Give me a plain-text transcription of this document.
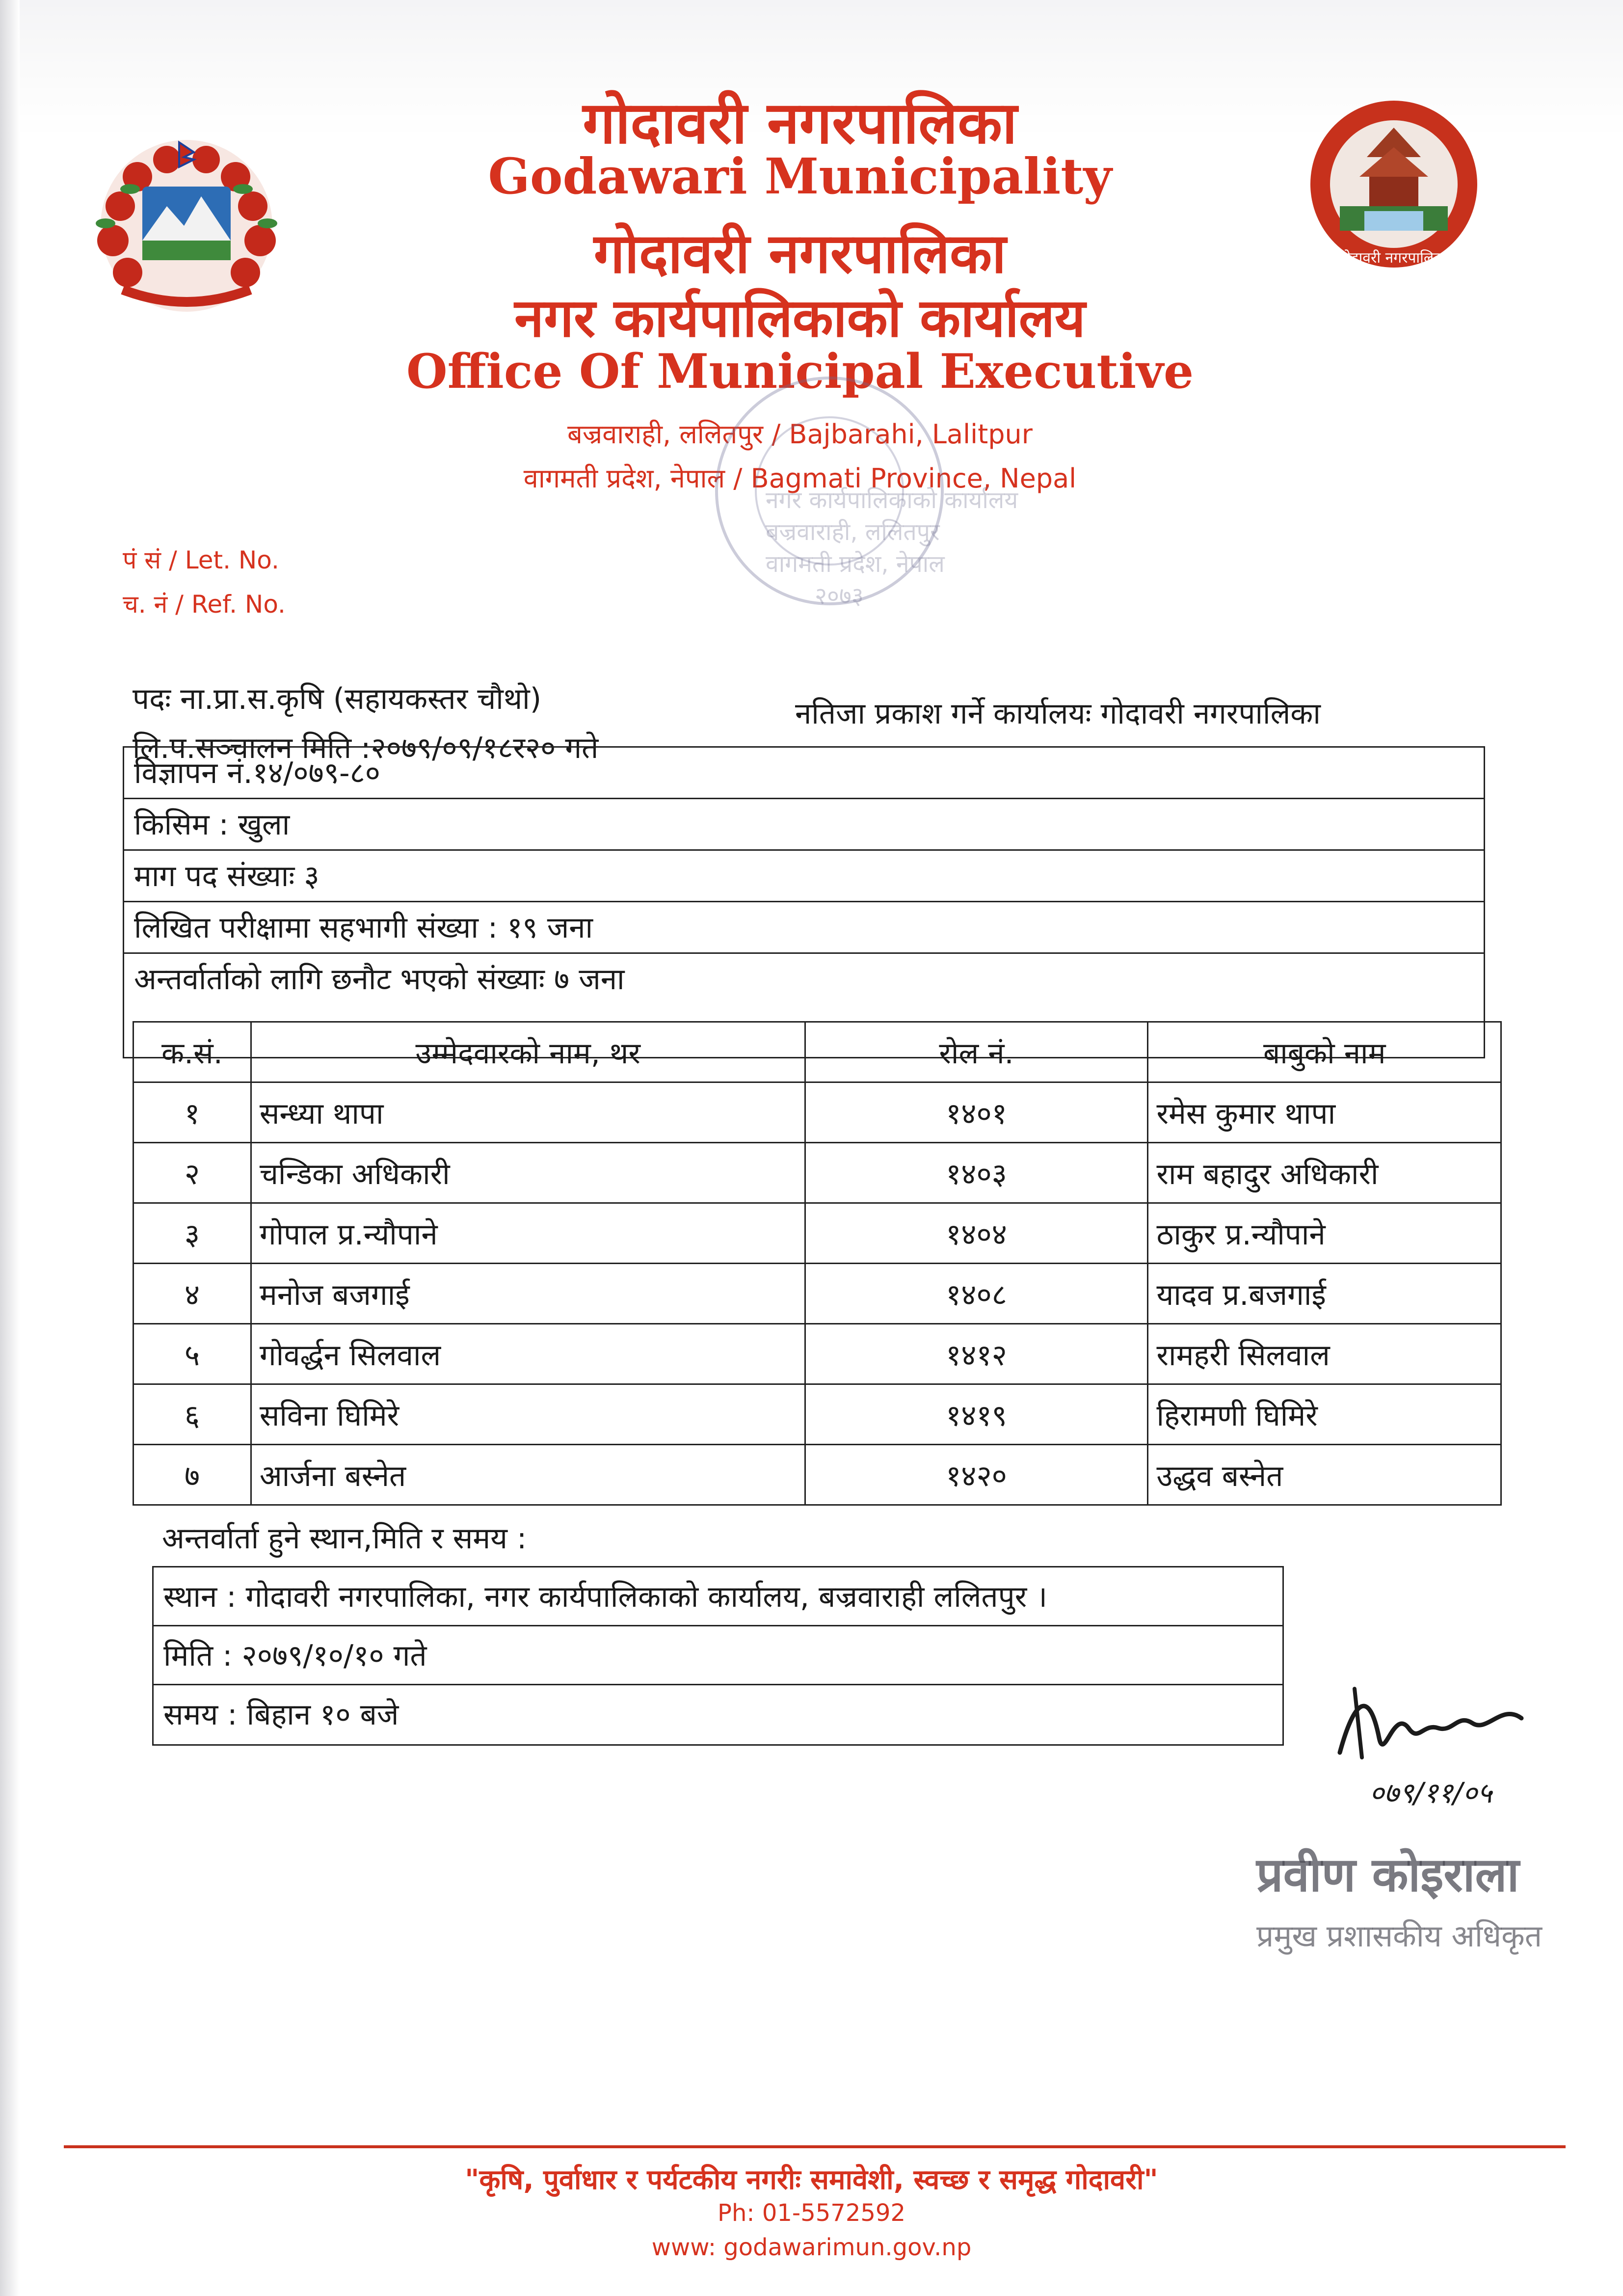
गोदावरी नगरपालिका
गोदावरी नगरपालिका
Godawari Municipality
गोदावरी नगरपालिका
नगर कार्यपालिकाको कार्यालय
Office Of Municipal Executive
बज्रवाराही, ललितपुर / Bajbarahi, Lalitpur
वागमती प्रदेश, नेपाल / Bagmati Province, Nepal
नगर कार्यपालिकाको कार्यालय
बज्रवाराही, ललितपुर
वागमती प्रदेश, नेपाल
२०७३
पं सं / Let. No.
च. नं / Ref. No.
पदः ना.प्रा.स.कृषि (सहायकस्तर चौथो)
लि.प.सञ्चालन मिति :२०७९/०९/१८र२० गते
नतिजा प्रकाश गर्ने कार्यालयः गोदावरी नगरपालिका
विज्ञापन नं.१४/०७९-८०
किसिम : खुला
माग पद संख्याः ३
लिखित परीक्षामा सहभागी संख्या : १९ जना
अन्तर्वार्ताको लागि छनौट भएको संख्याः ७ जना
क.सं.	उम्मेदवारको नाम, थर	रोल नं.	बाबुको नाम
१	सन्ध्या थापा	१४०१	रमेस कुमार थापा
२	चन्डिका अधिकारी	१४०३	राम बहादुर अधिकारी
३	गोपाल प्र.न्यौपाने	१४०४	ठाकुर प्र.न्यौपाने
४	मनोज बजगाई	१४०८	यादव प्र.बजगाई
५	गोवर्द्धन सिलवाल	१४१२	रामहरी सिलवाल
६	सविना घिमिरे	१४१९	हिरामणी घिमिरे
७	आर्जना बस्नेत	१४२०	उद्धव बस्नेत
अन्तर्वार्ता हुने स्थान,मिति र समय :
स्थान : गोदावरी नगरपालिका, नगर कार्यपालिकाको कार्यालय, बज्रवाराही ललितपुर ।
मिति : २०७९/१०/१० गते
समय : बिहान १० बजे
०७९/११/०५
प्रवीण कोइराला
प्रमुख प्रशासकीय अधिकृत
"कृषि, पुर्वाधार र पर्यटकीय नगरीः समावेशी, स्वच्छ र समृद्ध गोदावरी"
Ph: 01-5572592
www: godawarimun.gov.np
